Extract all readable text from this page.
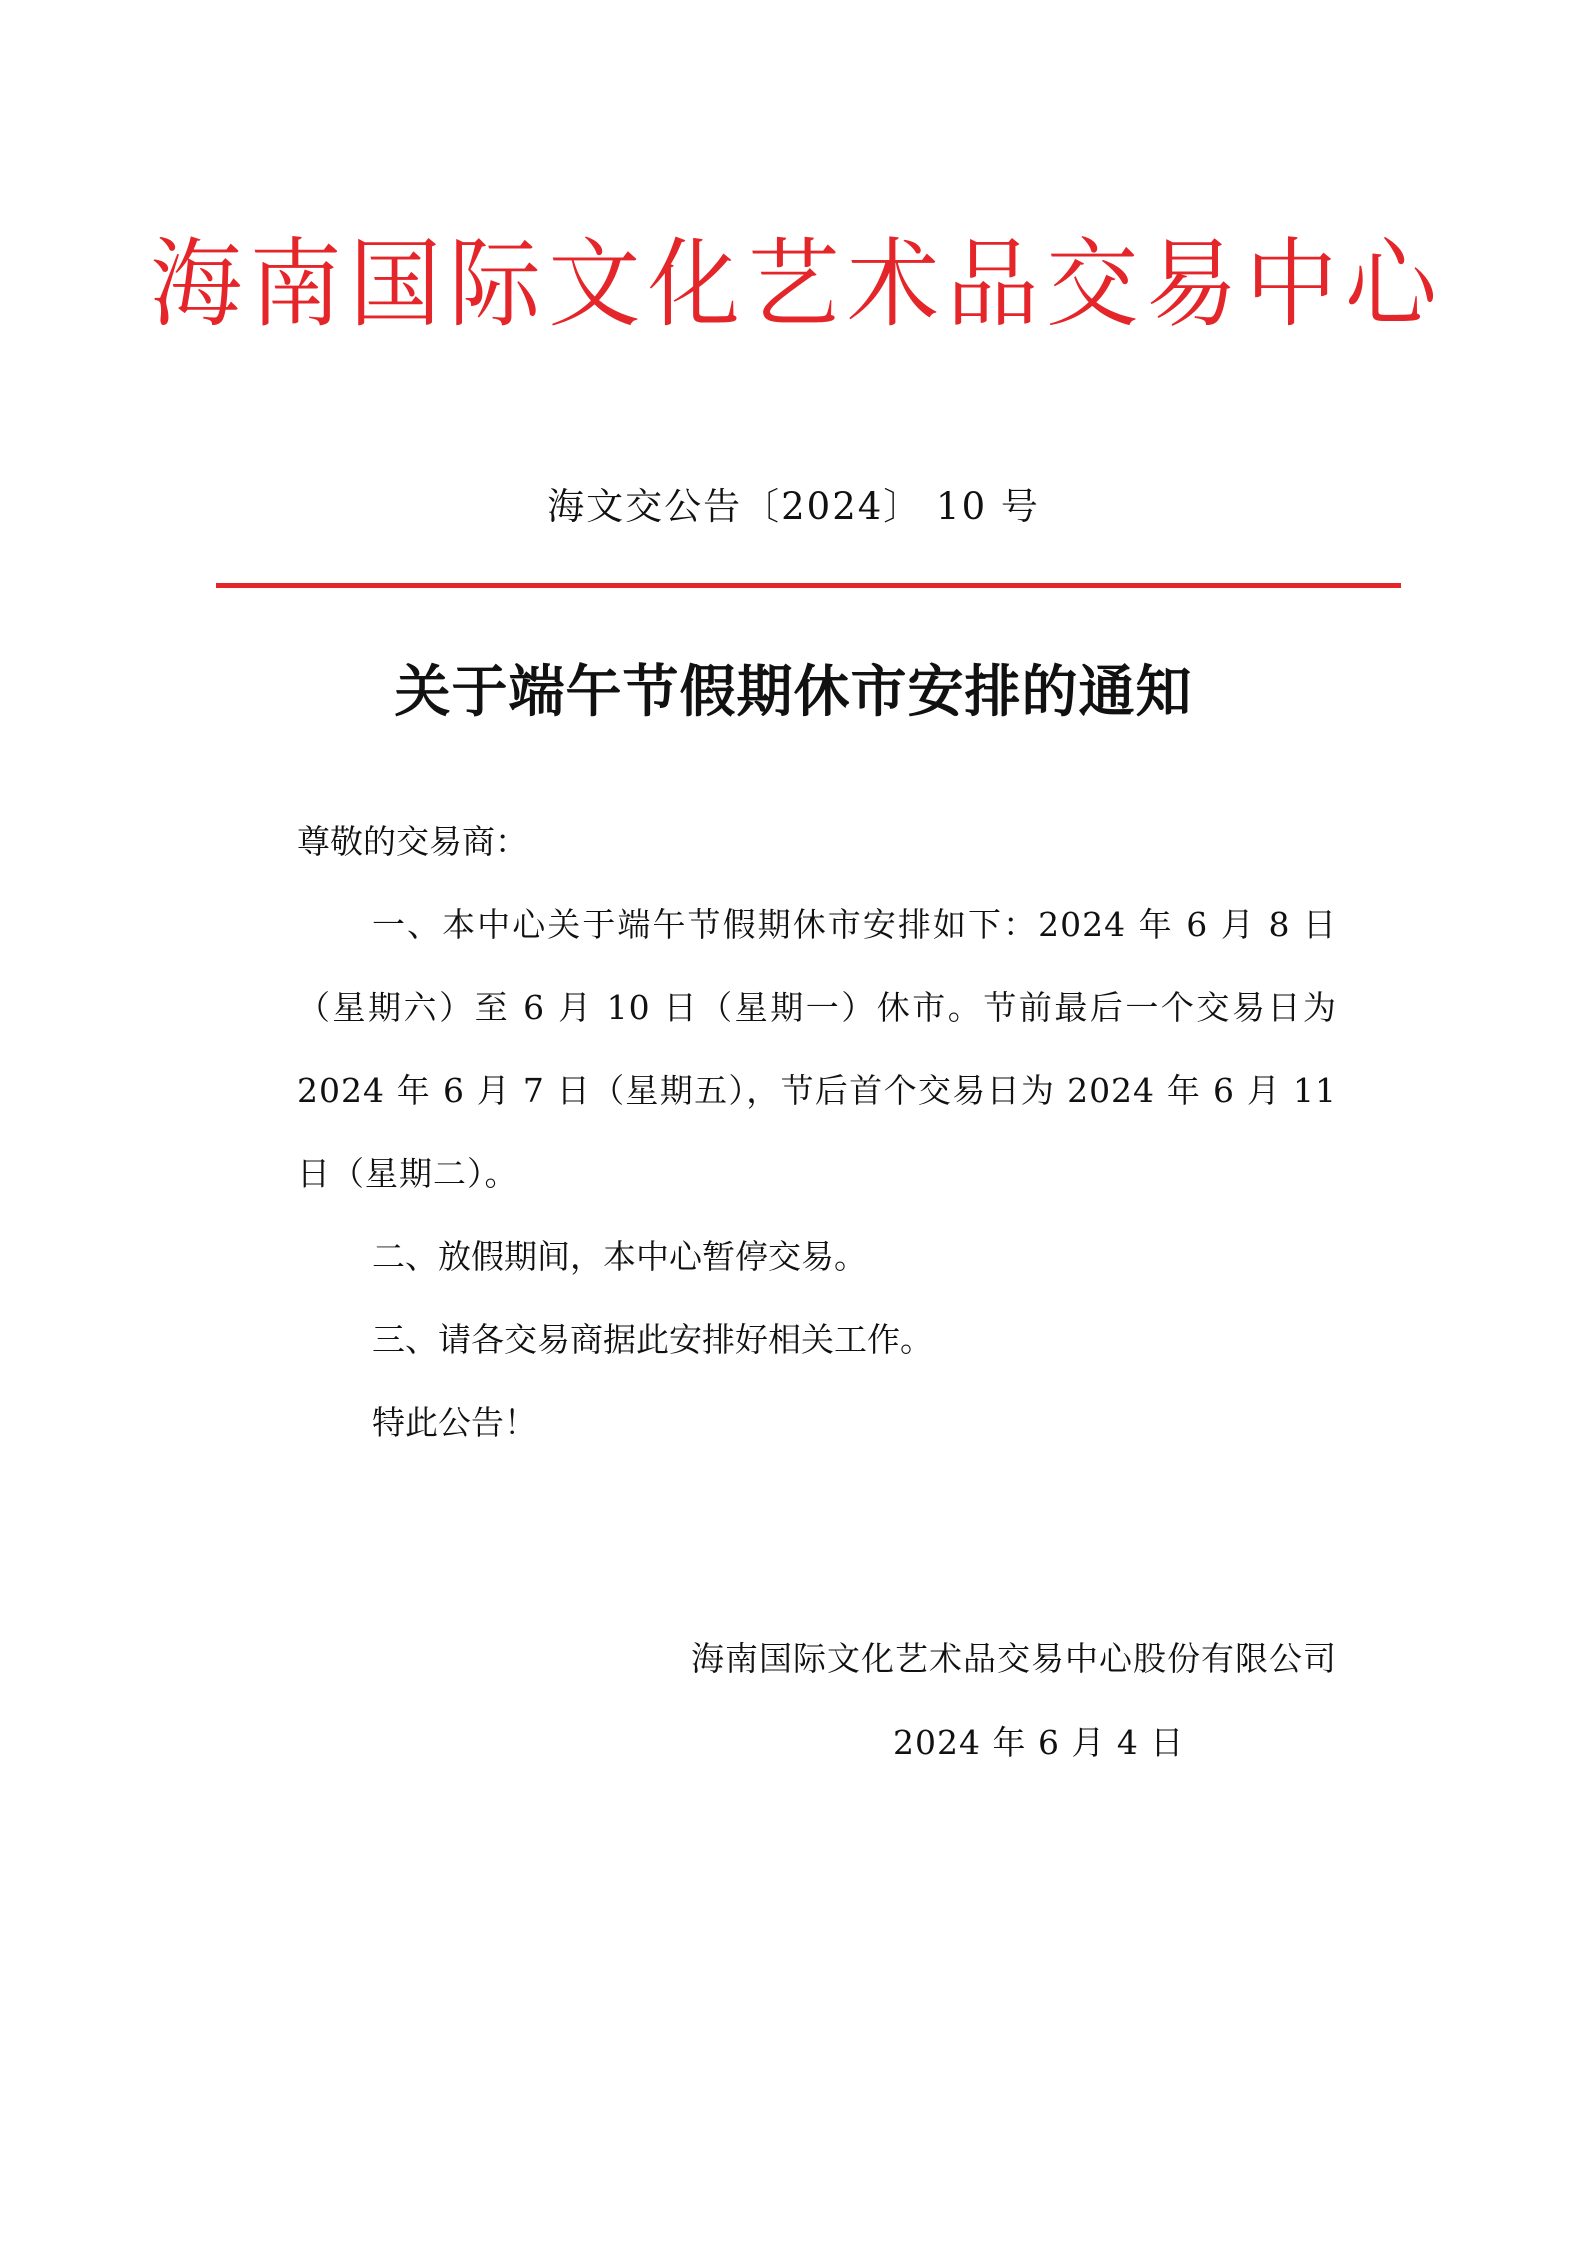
海 南 国 际 文 化 艺 术 品 交 易 中 心
海文交公告〔2024〕 10 号
关于端午节假期休市安排的通知

尊敬的交易商：

一、本中心关于端午节假期休市安排如下：2024 年 6 月 8 日（星期六）至 6 月 10 日（星期一）休市。节前最后一个交易日为 2024 年 6 月 7 日（星期五），节后首个交易日为 2024 年 6 月 11 日（星期二）。

二、放假期间，本中心暂停交易。

三、请各交易商据此安排好相关工作。

特此公告！

海南国际文化艺术品交易中心股份有限公司
2024 年 6 月 4 日
